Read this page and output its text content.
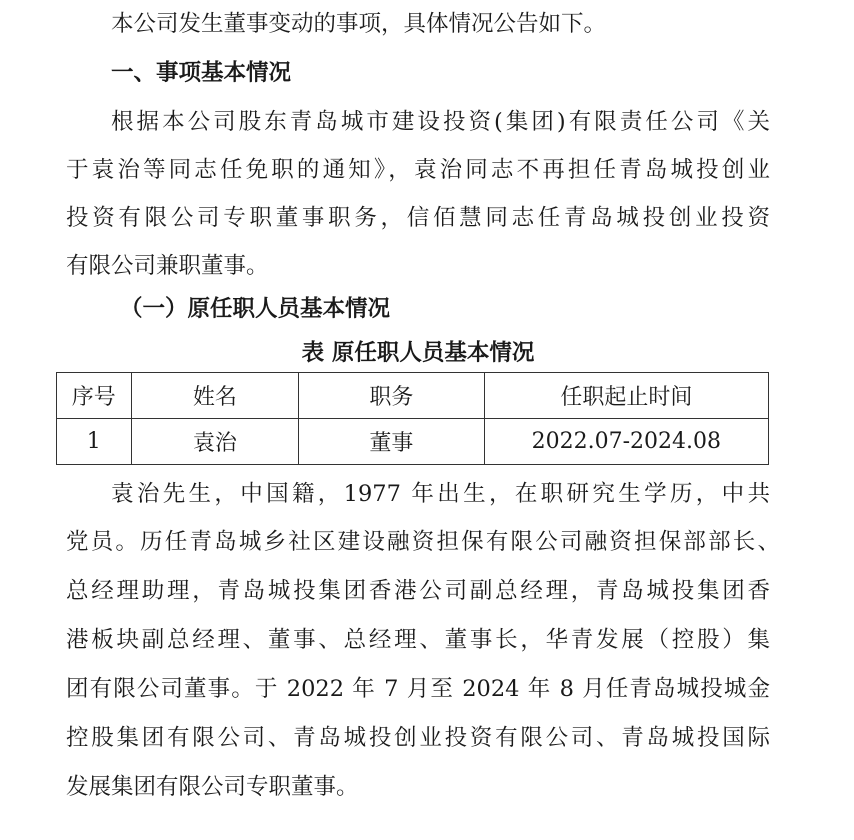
本公司发生董事变动的事项，具体情况公告如下。

一、事项基本情况

根据本公司股东青岛城市建设投资(集团)有限责任公司《关

于袁治等同志任免职的通知》，袁治同志不再担任青岛城投创业

投资有限公司专职董事职务，信佰慧同志任青岛城投创业投资

有限公司兼职董事。

（一）原任职人员基本情况

表 原任职人员基本情况

序号	姓名	职务	任职起止时间
1	袁治	董事	2022.07-2024.08

袁治先生，中国籍，1977 年出生，在职研究生学历，中共

党员。历任青岛城乡社区建设融资担保有限公司融资担保部部长、

总经理助理，青岛城投集团香港公司副总经理，青岛城投集团香

港板块副总经理、董事、总经理、董事长，华青发展（控股）集

团有限公司董事。于 2022 年 7 月至 2024 年 8 月任青岛城投城金

控股集团有限公司、青岛城投创业投资有限公司、青岛城投国际

发展集团有限公司专职董事。
